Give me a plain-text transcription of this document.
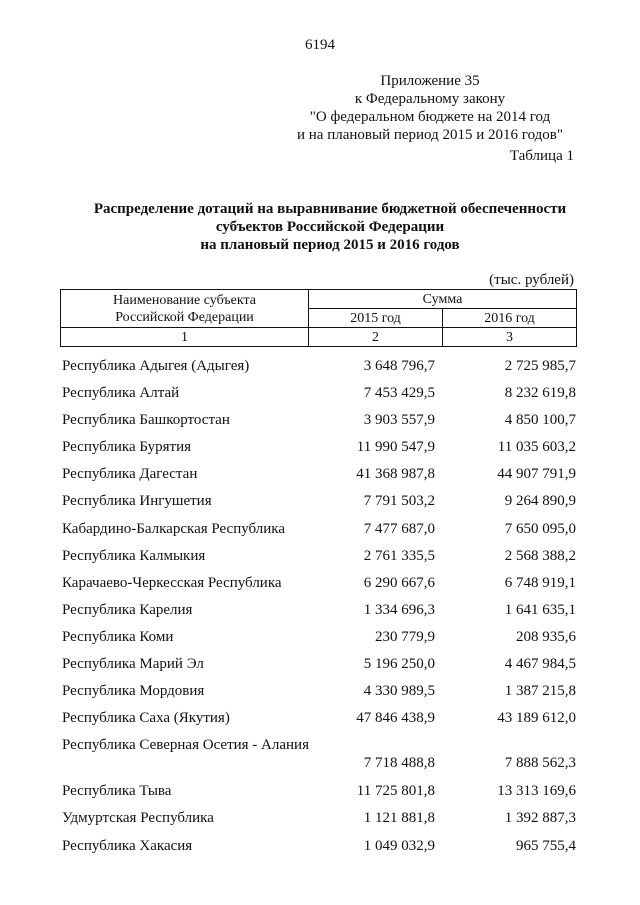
6194
Приложение 35
к Федеральному закону
"О федеральном бюджете на 2014 год
и на плановый период 2015 и 2016 годов"
Таблица 1
Распределение дотаций на выравнивание бюджетной обеспеченности
субъектов Российской Федерации
на плановый период 2015 и 2016 годов
(тыс. рублей)
Наименование субъекта
Российской Федерации	Сумма	
	2015 год	2016 год
1	2	3
Республика Адыгея (Адыгея)	3 648 796,7	2 725 985,7
Республика Алтай	7 453 429,5	8 232 619,8
Республика Башкортостан	3 903 557,9	4 850 100,7
Республика Бурятия	11 990 547,9	11 035 603,2
Республика Дагестан	41 368 987,8	44 907 791,9
Республика Ингушетия	7 791 503,2	9 264 890,9
Кабардино-Балкарская Республика	7 477 687,0	7 650 095,0
Республика Калмыкия	2 761 335,5	2 568 388,2
Карачаево-Черкесская Республика	6 290 667,6	6 748 919,1
Республика Карелия	1 334 696,3	1 641 635,1
Республика Коми	230 779,9	208 935,6
Республика Марий Эл	5 196 250,0	4 467 984,5
Республика Мордовия	4 330 989,5	1 387 215,8
Республика Саха (Якутия)	47 846 438,9	43 189 612,0
Республика Северная Осетия - Алания
7 718 488,8	7 888 562,3
Республика Тыва	11 725 801,8	13 313 169,6
Удмуртская Республика	1 121 881,8	1 392 887,3
Республика Хакасия	1 049 032,9	965 755,4
